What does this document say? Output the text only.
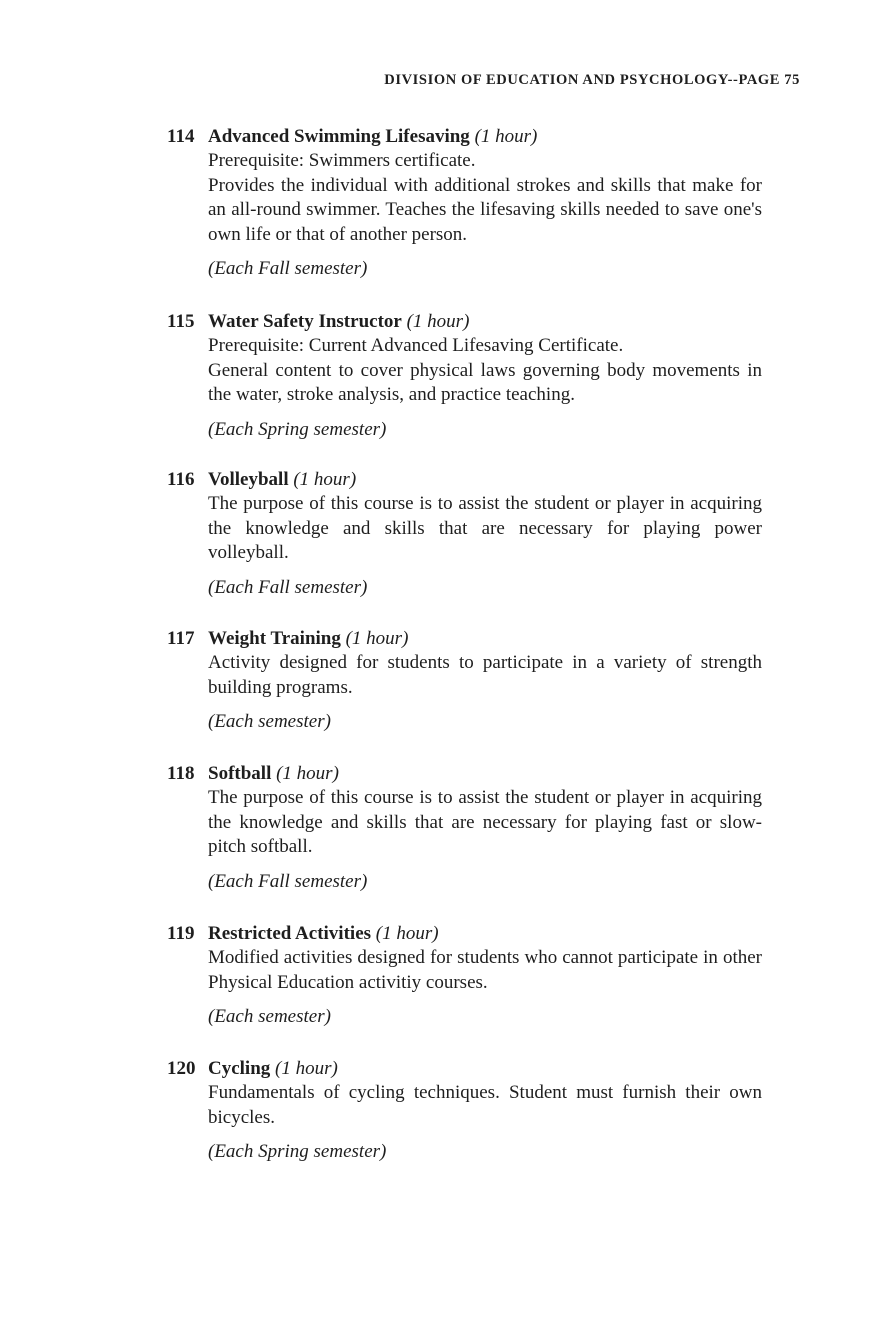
DIVISION OF EDUCATION AND PSYCHOLOGY--PAGE 75
114 Advanced Swimming Lifesaving (1 hour)

Prerequisite: Swimmers certificate.

Provides the individual with additional strokes and skills that make for an all-round swimmer. Teaches the lifesaving skills needed to save one's own life or that of another person.

(Each Fall semester)

115 Water Safety Instructor (1 hour)

Prerequisite: Current Advanced Lifesaving Certificate.

General content to cover physical laws governing body movements in the water, stroke analysis, and practice teaching.

(Each Spring semester)

116 Volleyball (1 hour)

The purpose of this course is to assist the student or player in acquiring the knowledge and skills that are necessary for playing power volleyball.

(Each Fall semester)

117 Weight Training (1 hour)

Activity designed for students to participate in a variety of strength building programs.

(Each semester)

118 Softball (1 hour)

The purpose of this course is to assist the student or player in acquiring the knowledge and skills that are necessary for playing fast or slow-pitch softball.

(Each Fall semester)

119 Restricted Activities (1 hour)

Modified activities designed for students who cannot participate in other Physical Education activitiy courses.

(Each semester)

120 Cycling (1 hour)

Fundamentals of cycling techniques. Student must furnish their own bicycles.

(Each Spring semester)
